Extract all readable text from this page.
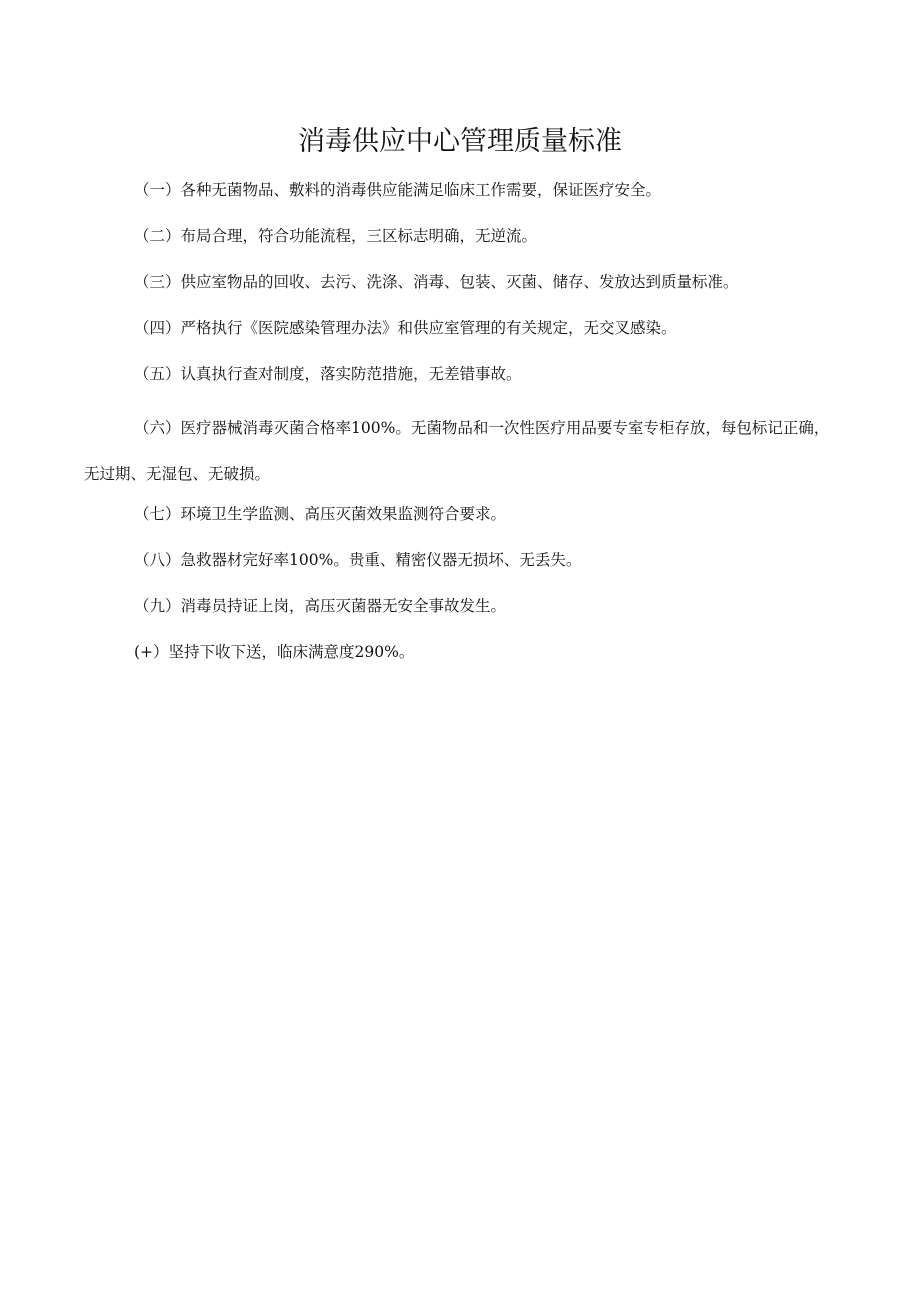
消毒供应中心管理质量标准

（一）各种无菌物品、敷料的消毒供应能满足临床工作需要，保证医疗安全。

（二）布局合理，符合功能流程，三区标志明确，无逆流。

（三）供应室物品的回收、去污、洗涤、消毒、包装、灭菌、储存、发放达到质量标准。

（四）严格执行《医院感染管理办法》和供应室管理的有关规定，无交叉感染。

（五）认真执行查对制度，落实防范措施，无差错事故。

（六）医疗器械消毒灭菌合格率100%。无菌物品和一次性医疗用品要专室专柜存放，每包标记正确，无过期、无湿包、无破损。

（七）环境卫生学监测、高压灭菌效果监测符合要求。

（八）急救器材完好率100%。贵重、精密仪器无损坏、无丢失。

（九）消毒员持证上岗，高压灭菌器无安全事故发生。

(+）坚持下收下送，临床满意度290%。
